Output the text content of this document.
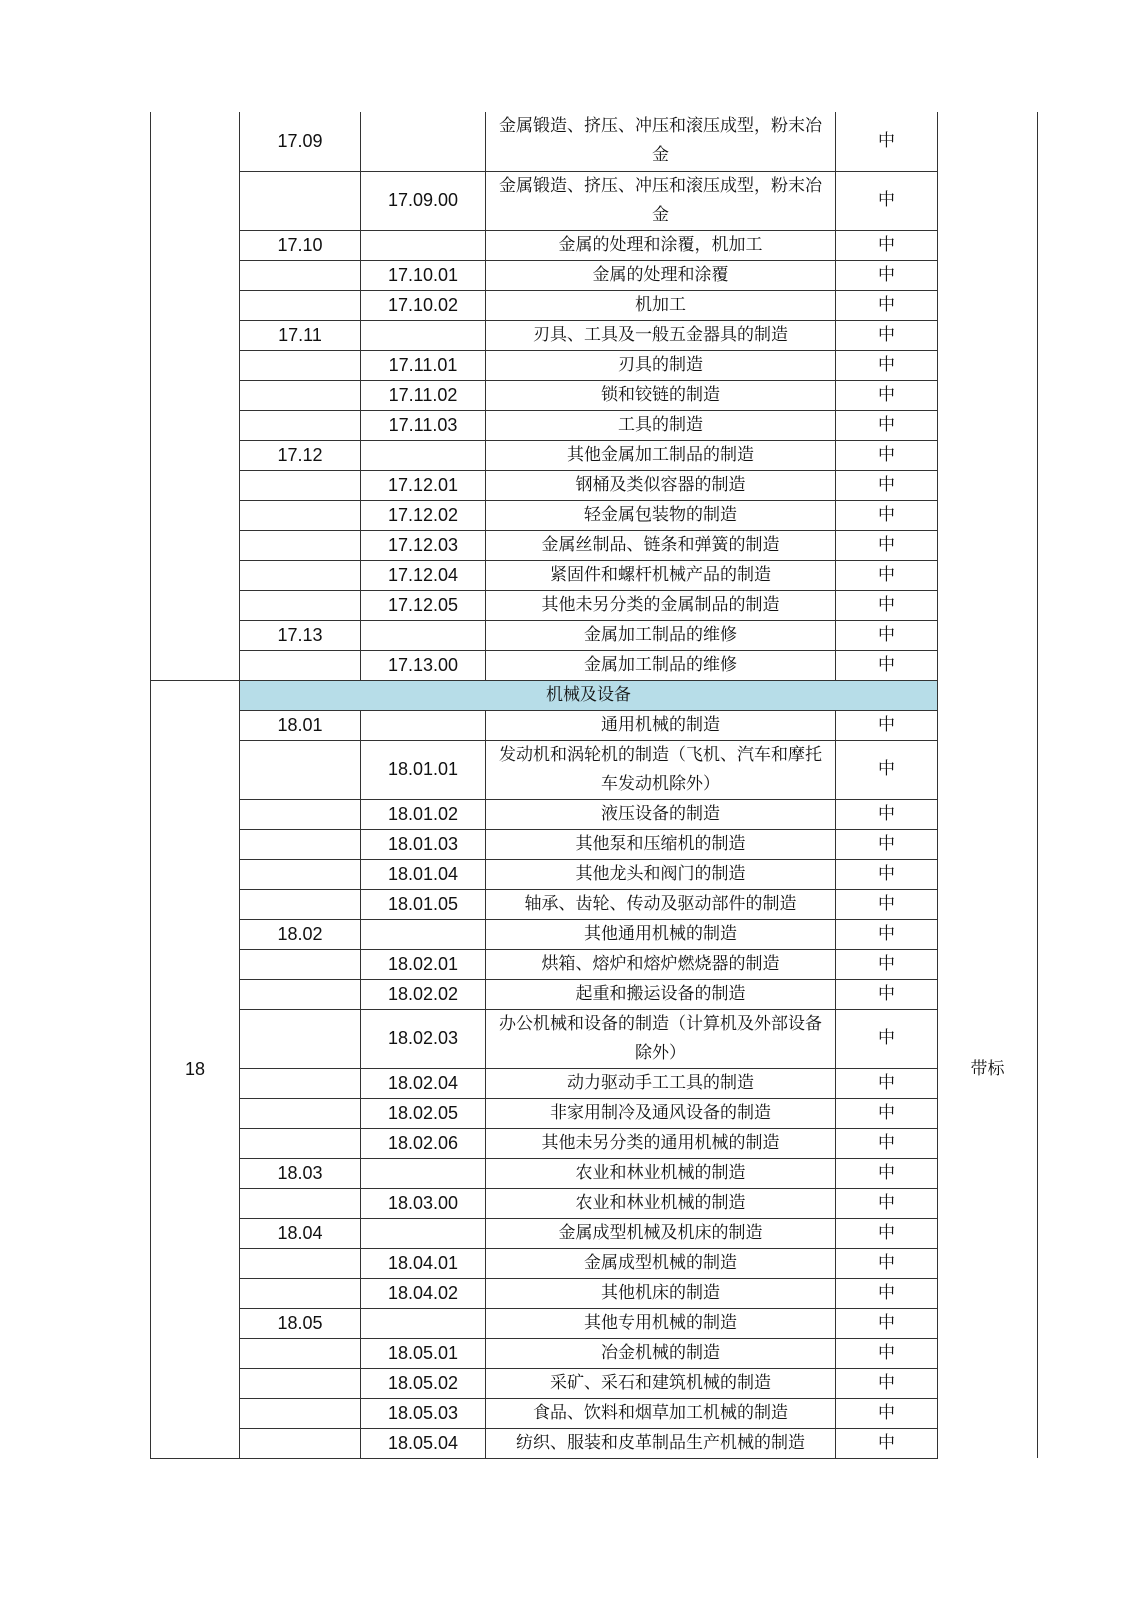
	17.09		金属锻造、挤压、冲压和滚压成型，粉末冶金	中	
		17.09.00	金属锻造、挤压、冲压和滚压成型，粉末冶金	中	
	17.10		金属的处理和涂覆，机加工	中	
		17.10.01	金属的处理和涂覆	中	
		17.10.02	机加工	中	
	17.11		刃具、工具及一般五金器具的制造	中	
		17.11.01	刃具的制造	中	
		17.11.02	锁和铰链的制造	中	
		17.11.03	工具的制造	中	
	17.12		其他金属加工制品的制造	中	
		17.12.01	钢桶及类似容器的制造	中	
		17.12.02	轻金属包装物的制造	中	
		17.12.03	金属丝制品、链条和弹簧的制造	中	
		17.12.04	紧固件和螺杆机械产品的制造	中	
		17.12.05	其他未另分类的金属制品的制造	中	
	17.13		金属加工制品的维修	中	
		17.13.00	金属加工制品的维修	中	
18	机械及设备				带标
	18.01		通用机械的制造	中	
		18.01.01	发动机和涡轮机的制造（飞机、汽车和摩托车发动机除外）	中	
		18.01.02	液压设备的制造	中	
		18.01.03	其他泵和压缩机的制造	中	
		18.01.04	其他龙头和阀门的制造	中	
		18.01.05	轴承、齿轮、传动及驱动部件的制造	中	
	18.02		其他通用机械的制造	中	
		18.02.01	烘箱、熔炉和熔炉燃烧器的制造	中	
		18.02.02	起重和搬运设备的制造	中	
		18.02.03	办公机械和设备的制造（计算机及外部设备除外）	中	
		18.02.04	动力驱动手工工具的制造	中	
		18.02.05	非家用制冷及通风设备的制造	中	
		18.02.06	其他未另分类的通用机械的制造	中	
	18.03		农业和林业机械的制造	中	
		18.03.00	农业和林业机械的制造	中	
	18.04		金属成型机械及机床的制造	中	
		18.04.01	金属成型机械的制造	中	
		18.04.02	其他机床的制造	中	
	18.05		其他专用机械的制造	中	
		18.05.01	冶金机械的制造	中	
		18.05.02	采矿、采石和建筑机械的制造	中	
		18.05.03	食品、饮料和烟草加工机械的制造	中	
		18.05.04	纺织、服装和皮革制品生产机械的制造	中	
